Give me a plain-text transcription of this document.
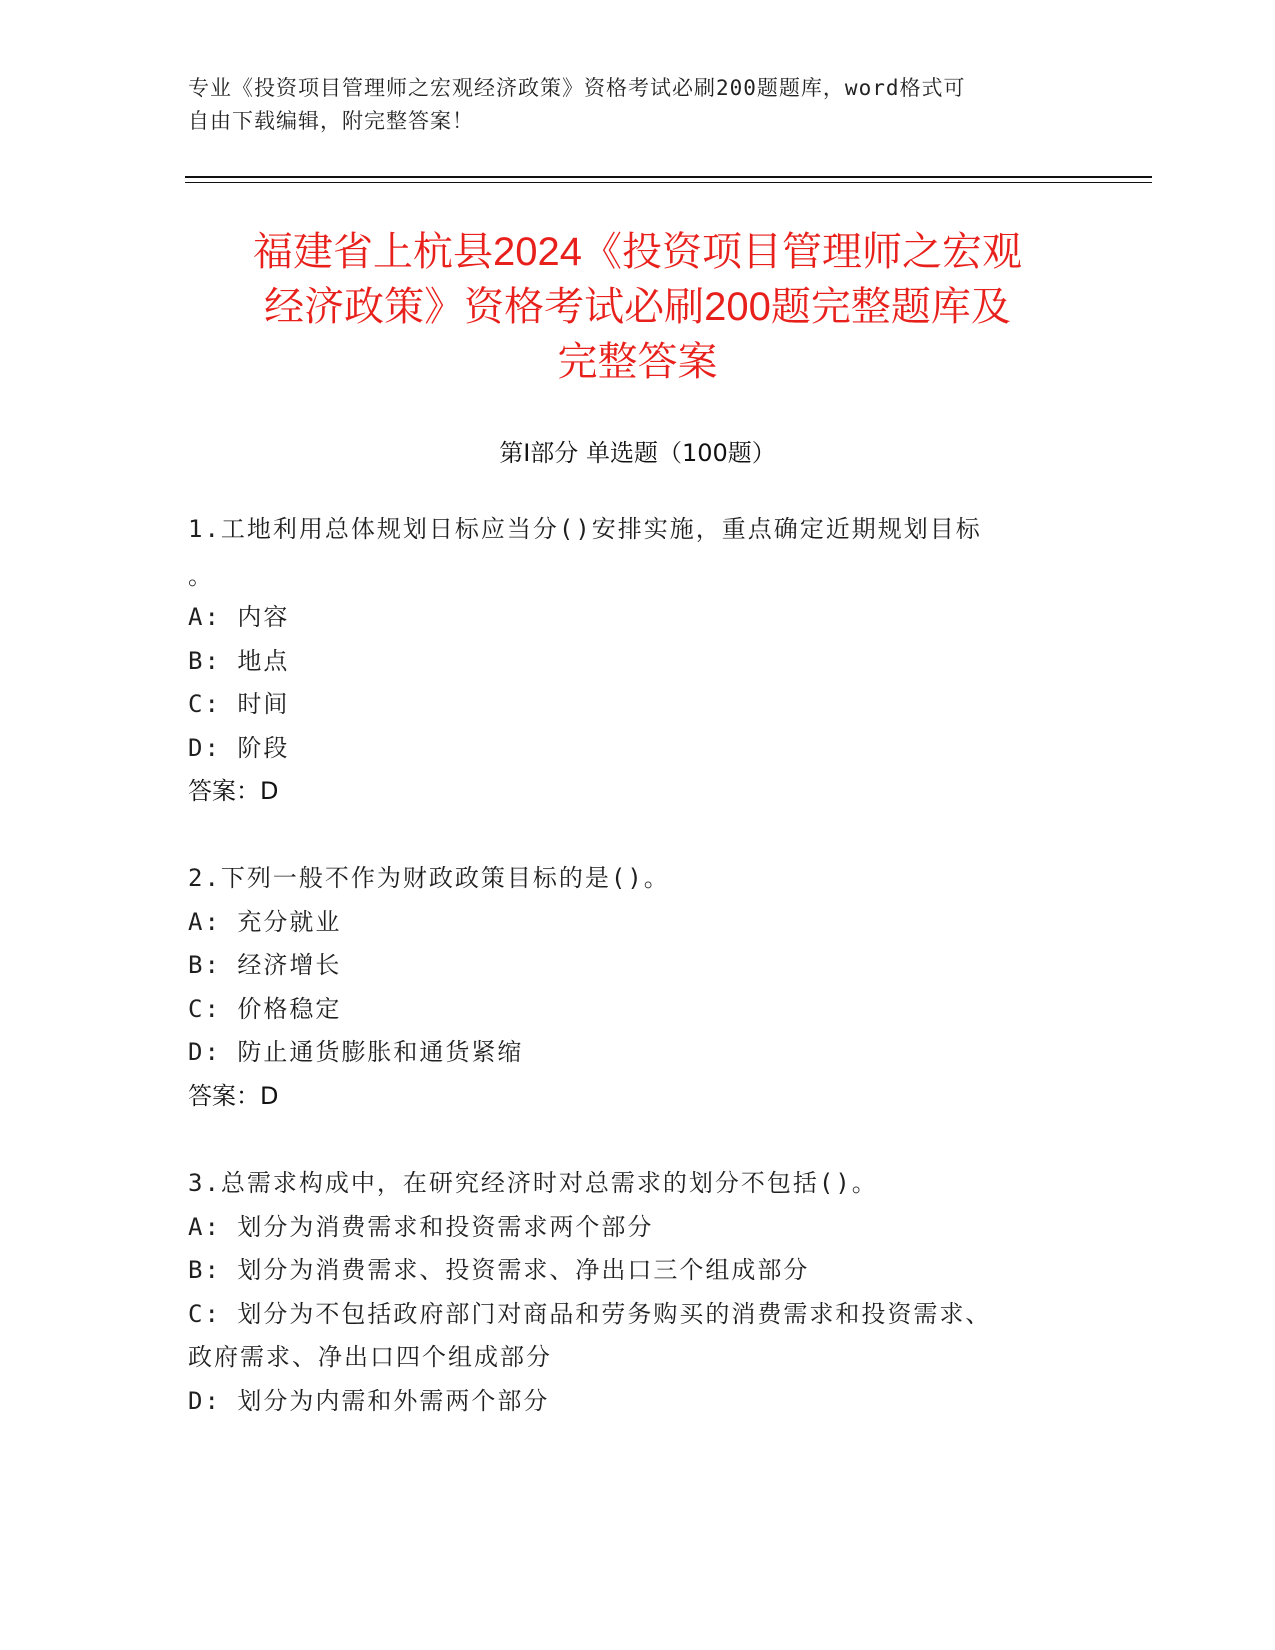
专业《投资项目管理师之宏观经济政策》资格考试必刷200题题库，word格式可
自由下载编辑，附完整答案！
福建省上杭县2024《投资项目管理师之宏观
经济政策》资格考试必刷200题完整题库及
完整答案
第Ⅰ部分 单选题（100题）
1.工地利用总体规划日标应当分()安排实施，重点确定近期规划目标
。
A: 内容
B: 地点
C: 时间
D: 阶段
答案：D
2.下列一般不作为财政政策目标的是()。
A: 充分就业
B: 经济增长
C: 价格稳定
D: 防止通货膨胀和通货紧缩
答案：D
3.总需求构成中，在研究经济时对总需求的划分不包括()。
A: 划分为消费需求和投资需求两个部分
B: 划分为消费需求、投资需求、净出口三个组成部分
C: 划分为不包括政府部门对商品和劳务购买的消费需求和投资需求、
政府需求、净出口四个组成部分
D: 划分为内需和外需两个部分
